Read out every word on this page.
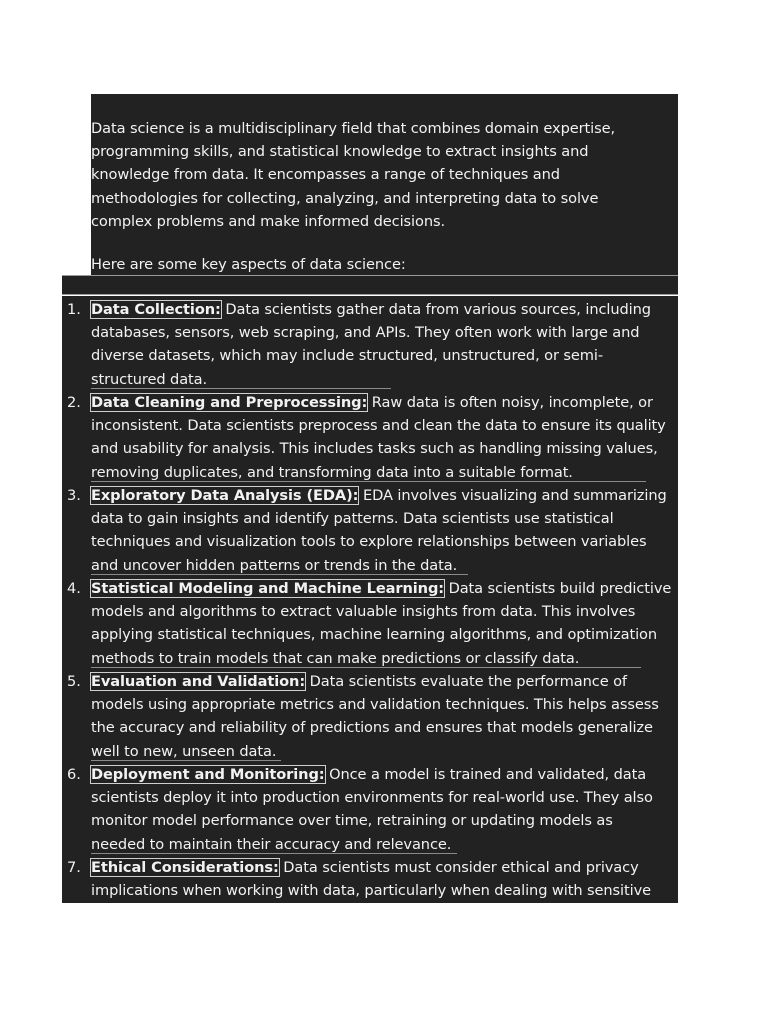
Data science is a multidisciplinary field that combines domain expertise,
programming skills, and statistical knowledge to extract insights and
knowledge from data. It encompasses a range of techniques and
methodologies for collecting, analyzing, and interpreting data to solve
complex problems and make informed decisions.

Here are some key aspects of data science:

1. Data Collection: Data scientists gather data from various sources, including
databases, sensors, web scraping, and APIs. They often work with large and
diverse datasets, which may include structured, unstructured, or semi-
structured data.
2. Data Cleaning and Preprocessing: Raw data is often noisy, incomplete, or
inconsistent. Data scientists preprocess and clean the data to ensure its quality
and usability for analysis. This includes tasks such as handling missing values,
removing duplicates, and transforming data into a suitable format.
3. Exploratory Data Analysis (EDA): EDA involves visualizing and summarizing
data to gain insights and identify patterns. Data scientists use statistical
techniques and visualization tools to explore relationships between variables
and uncover hidden patterns or trends in the data.
4. Statistical Modeling and Machine Learning: Data scientists build predictive
models and algorithms to extract valuable insights from data. This involves
applying statistical techniques, machine learning algorithms, and optimization
methods to train models that can make predictions or classify data.
5. Evaluation and Validation: Data scientists evaluate the performance of
models using appropriate metrics and validation techniques. This helps assess
the accuracy and reliability of predictions and ensures that models generalize
well to new, unseen data.
6. Deployment and Monitoring: Once a model is trained and validated, data
scientists deploy it into production environments for real-world use. They also
monitor model performance over time, retraining or updating models as
needed to maintain their accuracy and relevance.
7. Ethical Considerations: Data scientists must consider ethical and privacy
implications when working with data, particularly when dealing with sensitive
